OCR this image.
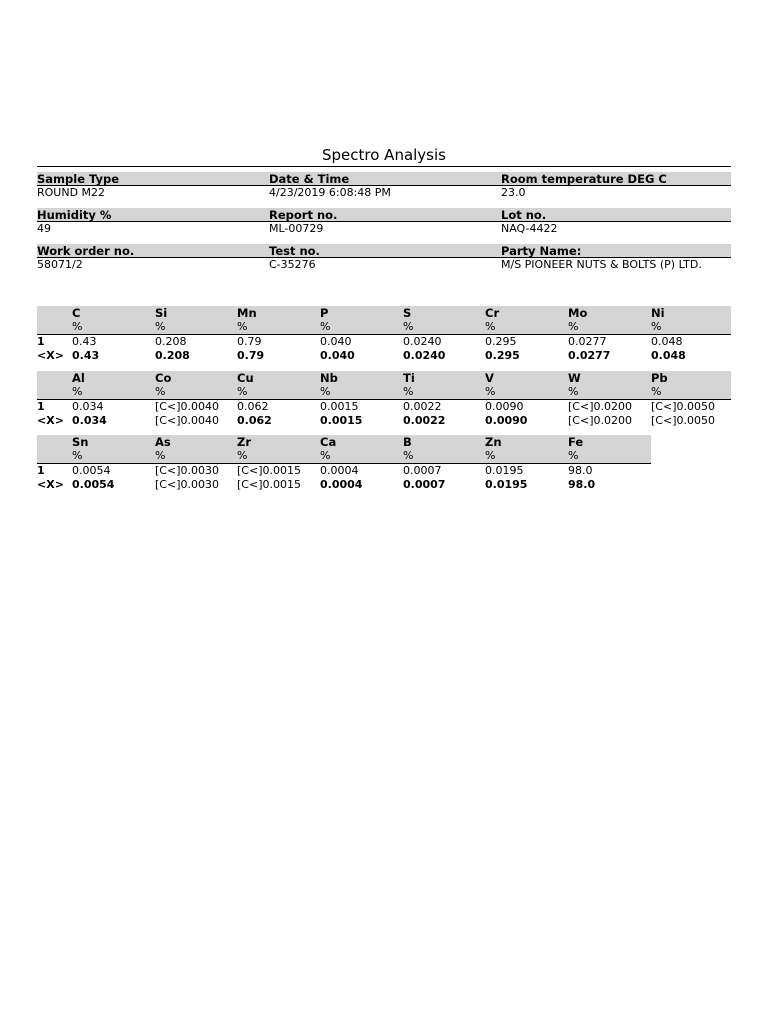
Spectro Analysis
Sample Type
ROUND M22
Date & Time
4/23/2019 6:08:48 PM
Room temperature DEG C
23.0
Humidity %
49
Report no.
ML-00729
Lot no.
NAQ-4422
Work order no.
58071/2
Test no.
C-35276
Party Name:
M/S PIONEER NUTS & BOLTS (P) LTD.
1
<X>
C
%
0.43
0.43
Si
%
0.208
0.208
Mn
%
0.79
0.79
P
%
0.040
0.040
S
%
0.0240
0.0240
Cr
%
0.295
0.295
Mo
%
0.0277
0.0277
Ni
%
0.048
0.048
1
<X>
Al
%
0.034
0.034
Co
%
[C<]0.0040
[C<]0.0040
Cu
%
0.062
0.062
Nb
%
0.0015
0.0015
Ti
%
0.0022
0.0022
V
%
0.0090
0.0090
W
%
[C<]0.0200
[C<]0.0200
Pb
%
[C<]0.0050
[C<]0.0050
1
<X>
Sn
%
0.0054
0.0054
As
%
[C<]0.0030
[C<]0.0030
Zr
%
[C<]0.0015
[C<]0.0015
Ca
%
0.0004
0.0004
B
%
0.0007
0.0007
Zn
%
0.0195
0.0195
Fe
%
98.0
98.0
